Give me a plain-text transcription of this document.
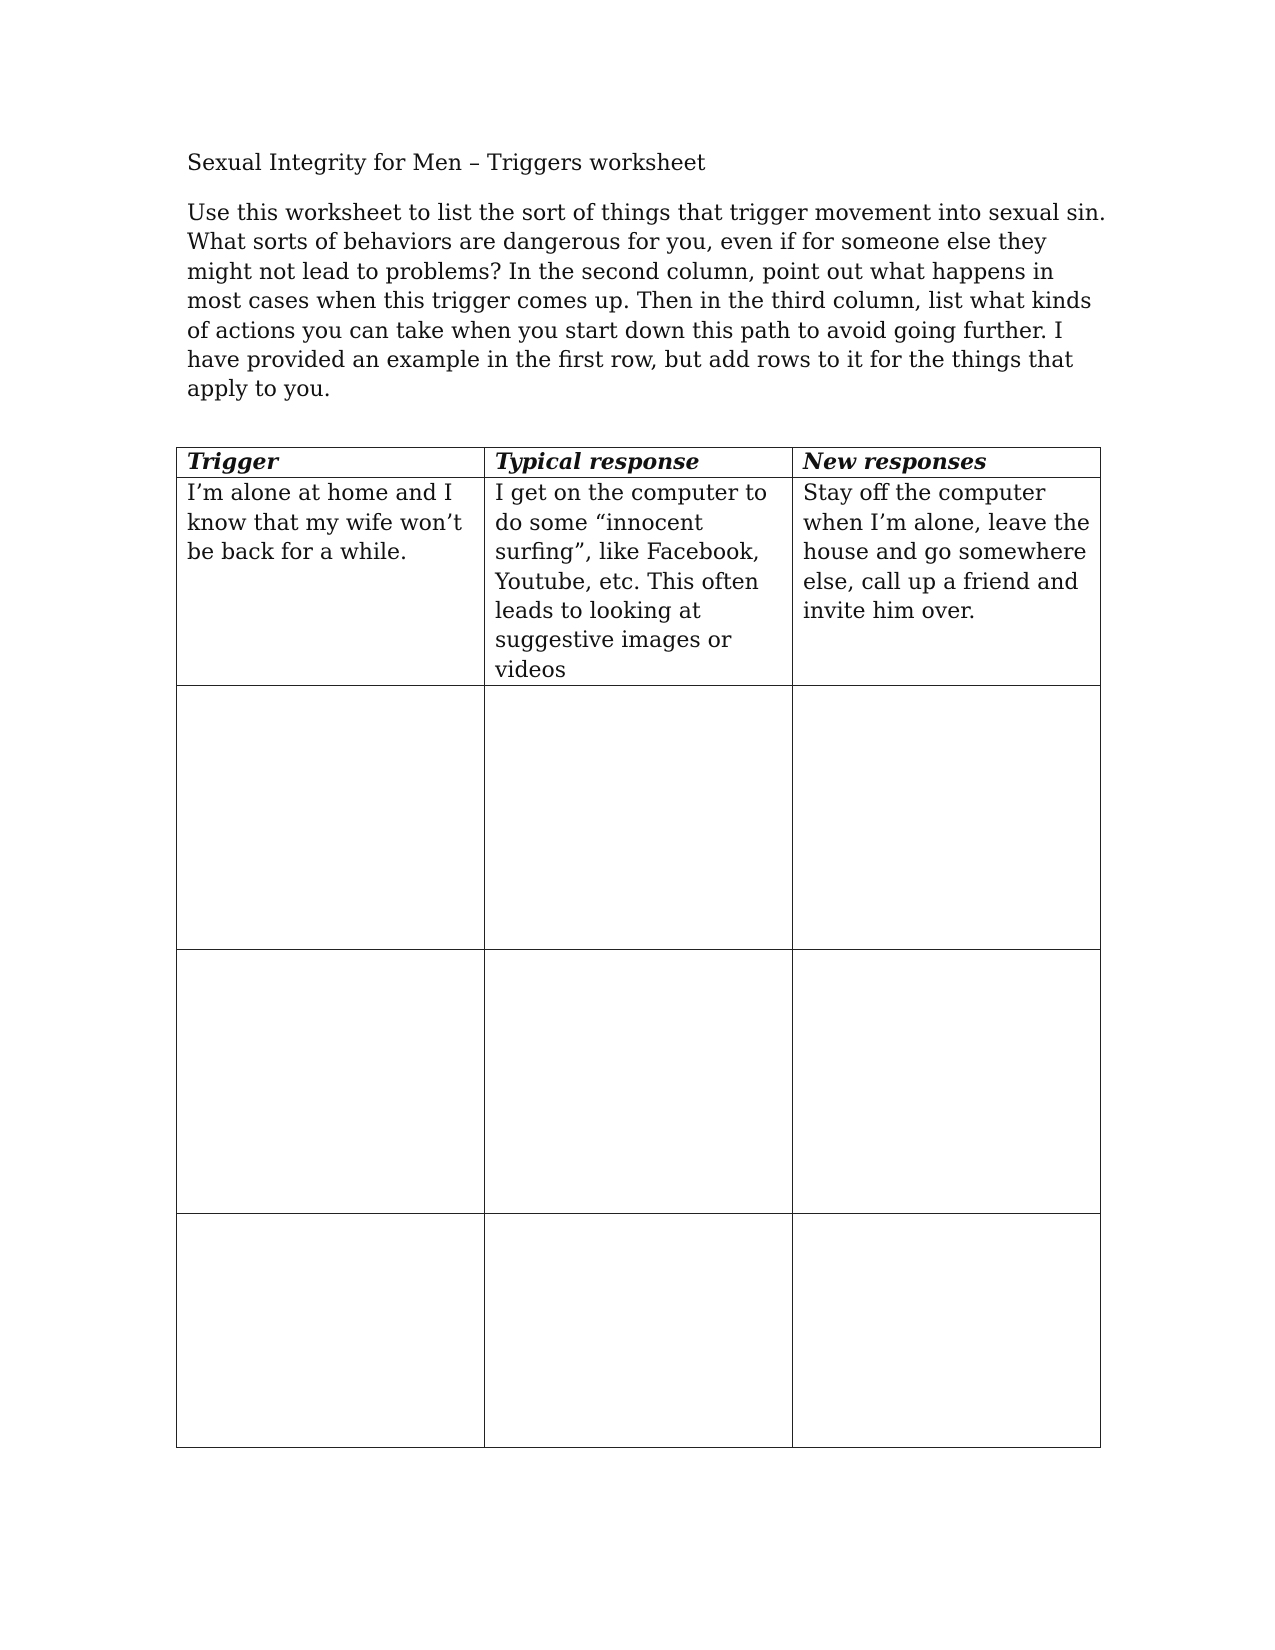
Sexual Integrity for Men – Triggers worksheet

Use this worksheet to list the sort of things that trigger movement into sexual sin. What sorts of behaviors are dangerous for you, even if for someone else they might not lead to problems? In the second column, point out what happens in most cases when this trigger comes up. Then in the third column, list what kinds of actions you can take when you start down this path to avoid going further. I have provided an example in the first row, but add rows to it for the things that apply to you.

Trigger	Typical response	New responses
I’m alone at home and I know that my wife won’t be back for a while.	I get on the computer to do some “innocent surfing”, like Facebook, Youtube, etc. This often leads to looking at suggestive images or videos	Stay off the computer when I’m alone, leave the house and go somewhere else, call up a friend and invite him over.
